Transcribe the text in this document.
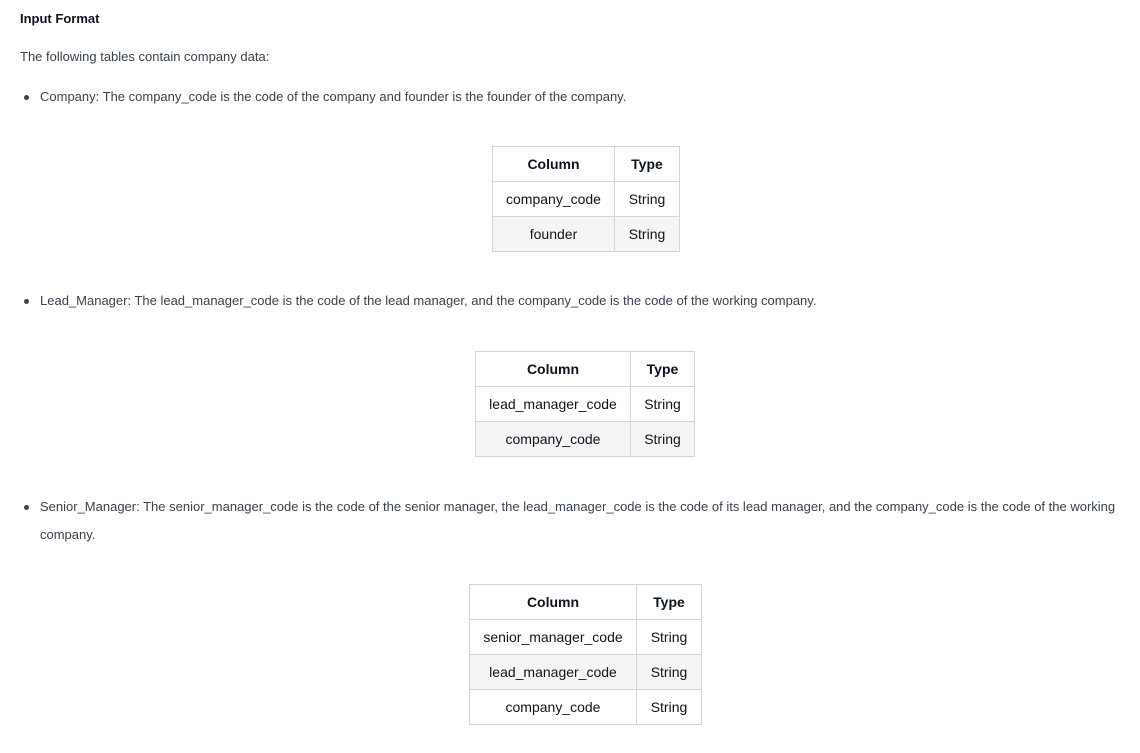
Input Format
The following tables contain company data:
Company: The company_code is the code of the company and founder is the founder of the company.
Column	Type
company_code	String
founder	String
Lead_Manager: The lead_manager_code is the code of the lead manager, and the company_code is the code of the working company.
Column	Type
lead_manager_code	String
company_code	String
Senior_Manager: The senior_manager_code is the code of the senior manager, the lead_manager_code is the code of its lead manager, and the company_code is the code of the working company.
Column	Type
senior_manager_code	String
lead_manager_code	String
company_code	String
